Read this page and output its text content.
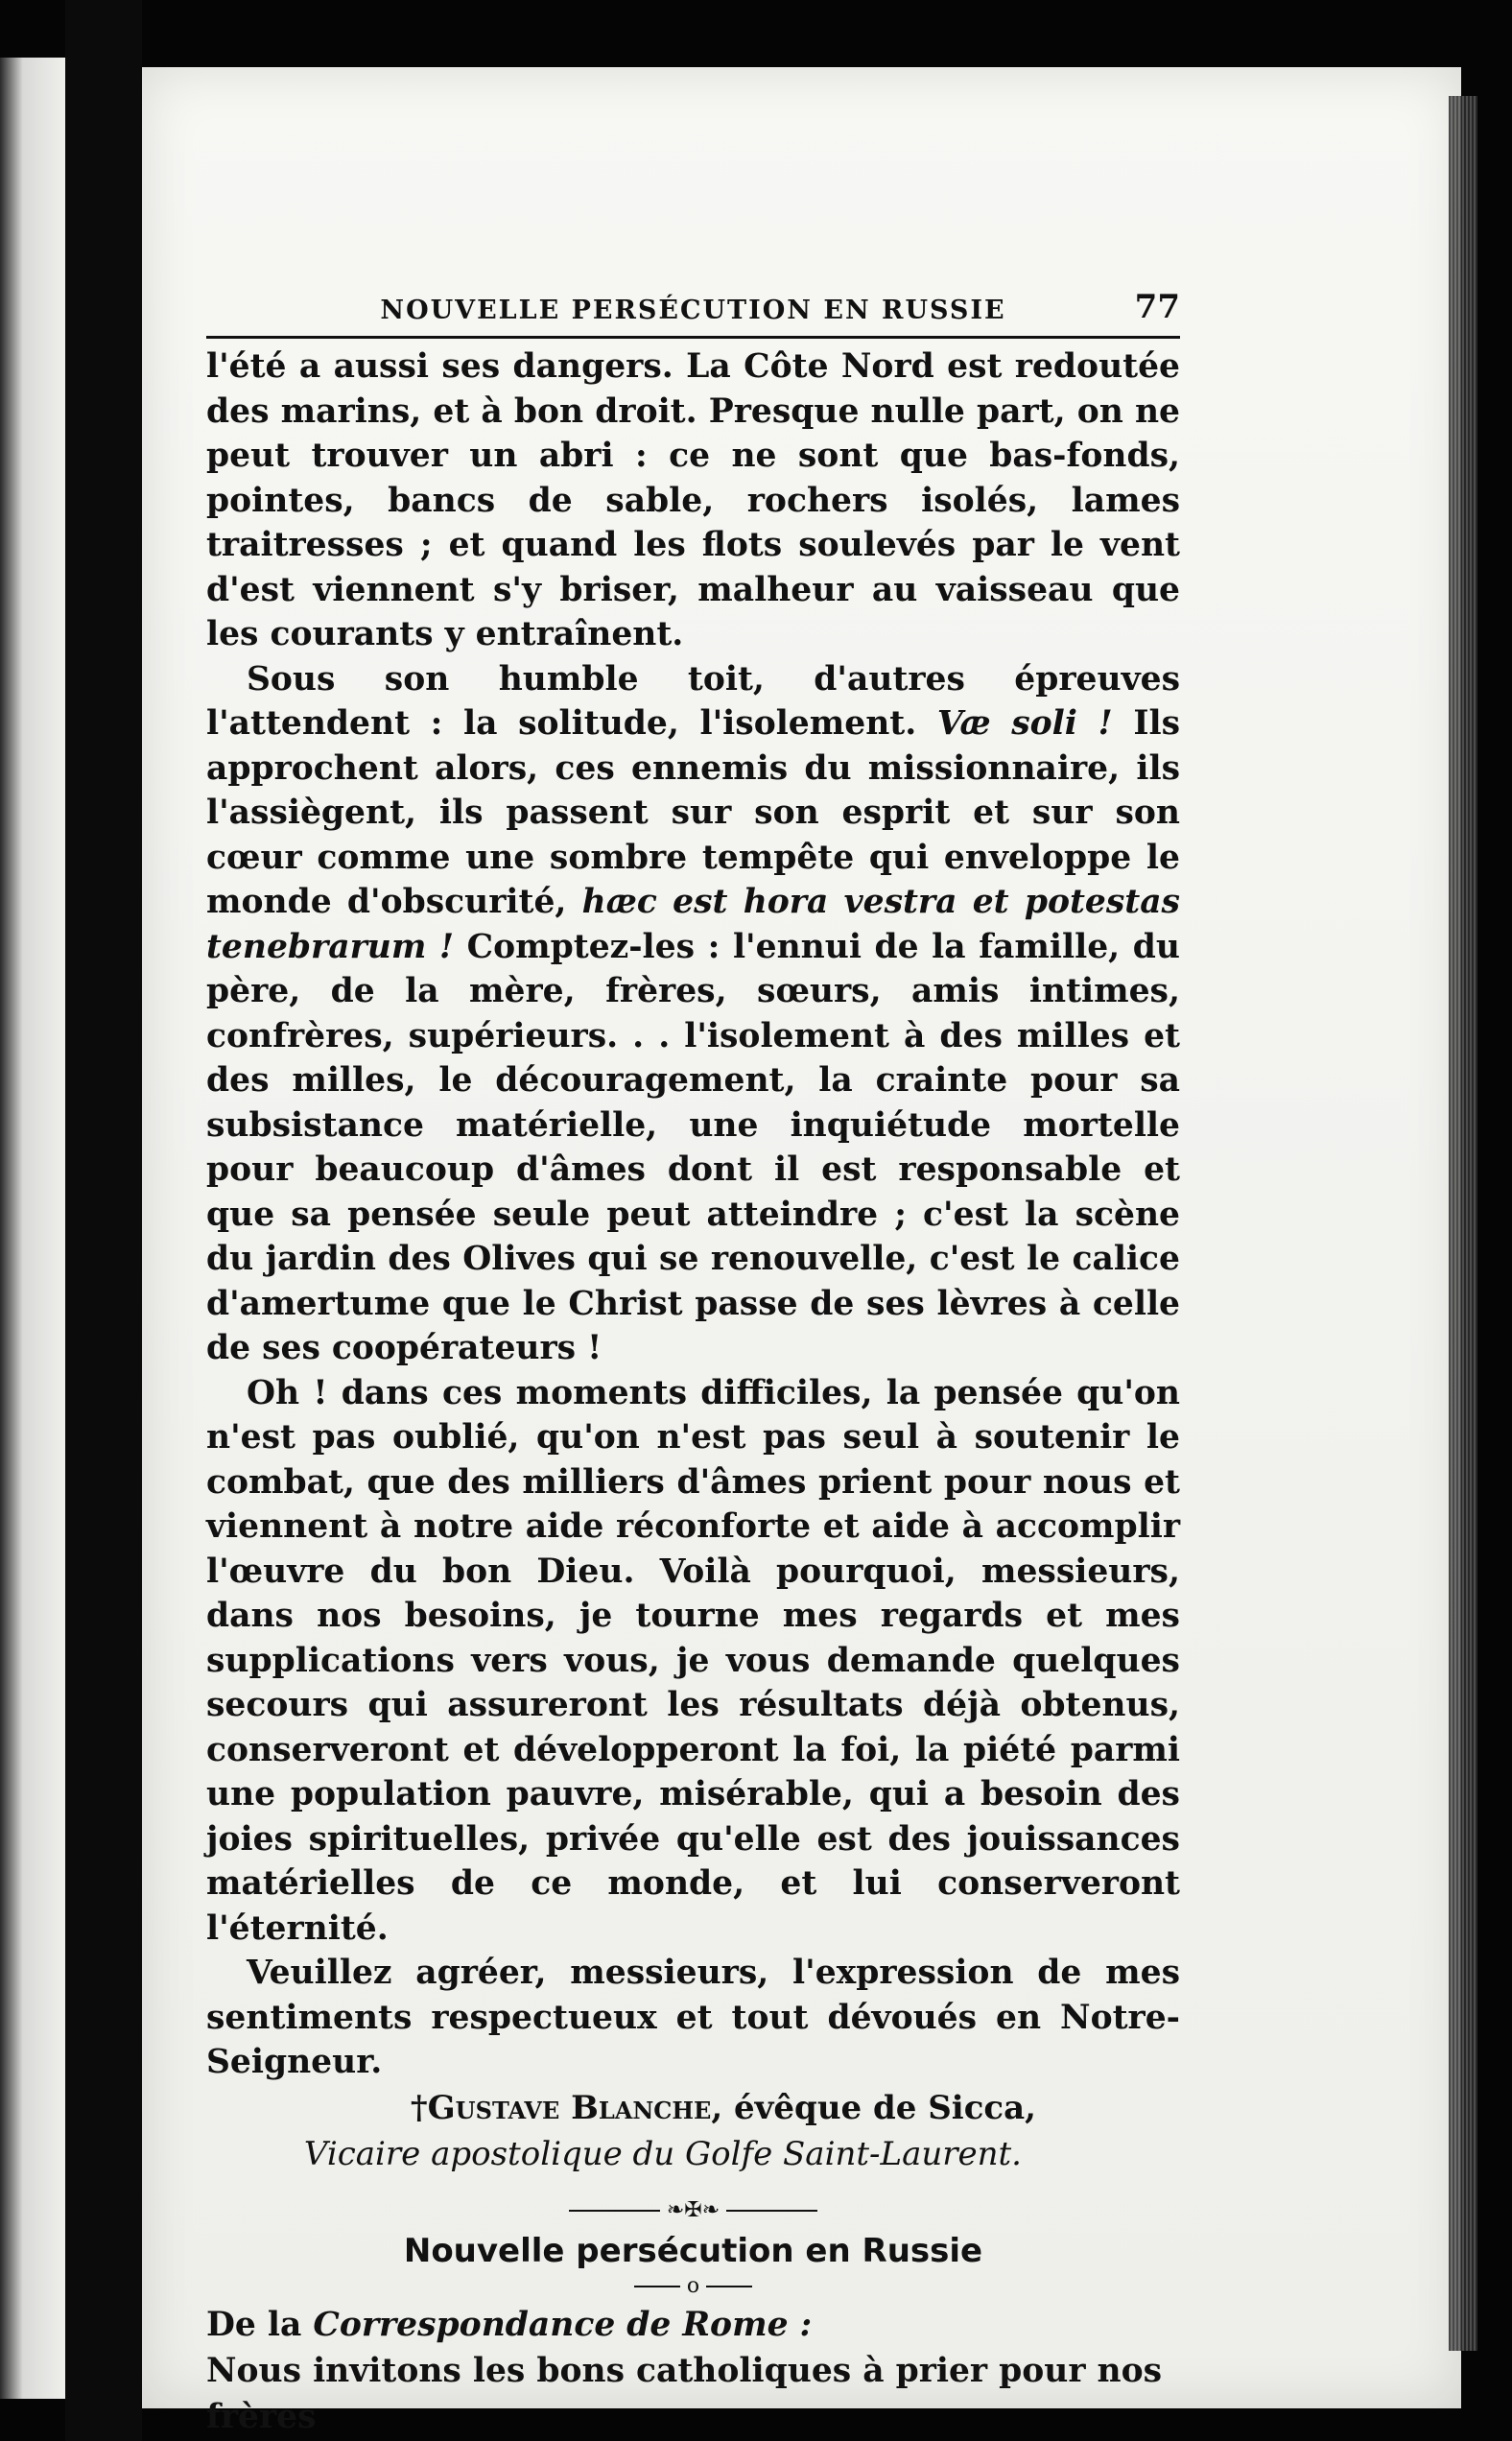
NOUVELLE PERSÉCUTION EN RUSSIE	77

l'été a aussi ses dangers. La Côte Nord est redoutée des marins, et à bon droit. Presque nulle part, on ne peut trouver un abri : ce ne sont que bas-fonds, pointes, bancs de sable, rochers isolés, lames traitresses ; et quand les flots soulevés par le vent d'est viennent s'y briser, malheur au vaisseau que les courants y entraînent.

Sous son humble toit, d'autres épreuves l'attendent : la solitude, l'isolement. Væ soli ! Ils approchent alors, ces ennemis du missionnaire, ils l'assiègent, ils passent sur son esprit et sur son cœur comme une sombre tempête qui enveloppe le monde d'obscurité, hæc est hora vestra et potestas tenebrarum ! Comptez-les : l'ennui de la famille, du père, de la mère, frères, sœurs, amis intimes, confrères, supérieurs. . . l'isolement à des milles et des milles, le découragement, la crainte pour sa subsistance matérielle, une inquiétude mortelle pour beaucoup d'âmes dont il est responsable et que sa pensée seule peut atteindre ; c'est la scène du jardin des Olives qui se renouvelle, c'est le calice d'amertume que le Christ passe de ses lèvres à celle de ses coopérateurs !

Oh ! dans ces moments difficiles, la pensée qu'on n'est pas oublié, qu'on n'est pas seul à soutenir le combat, que des milliers d'âmes prient pour nous et viennent à notre aide réconforte et aide à accomplir l'œuvre du bon Dieu. Voilà pourquoi, messieurs, dans nos besoins, je tourne mes regards et mes supplications vers vous, je vous demande quelques secours qui assureront les résultats déjà obtenus, conserveront et développeront la foi, la piété parmi une population pauvre, misérable, qui a besoin des joies spirituelles, privée qu'elle est des jouissances matérielles de ce monde, et lui conserveront l'éternité.

Veuillez agréer, messieurs, l'expression de mes sentiments respectueux et tout dévoués en Notre-Seigneur.

†Gustave Blanche, évêque de Sicca,
Vicaire apostolique du Golfe Saint-Laurent.
❧✠❧
Nouvelle persécution en Russie
o

De la Correspondance de Rome :

Nous invitons les bons catholiques à prier pour nos frères
